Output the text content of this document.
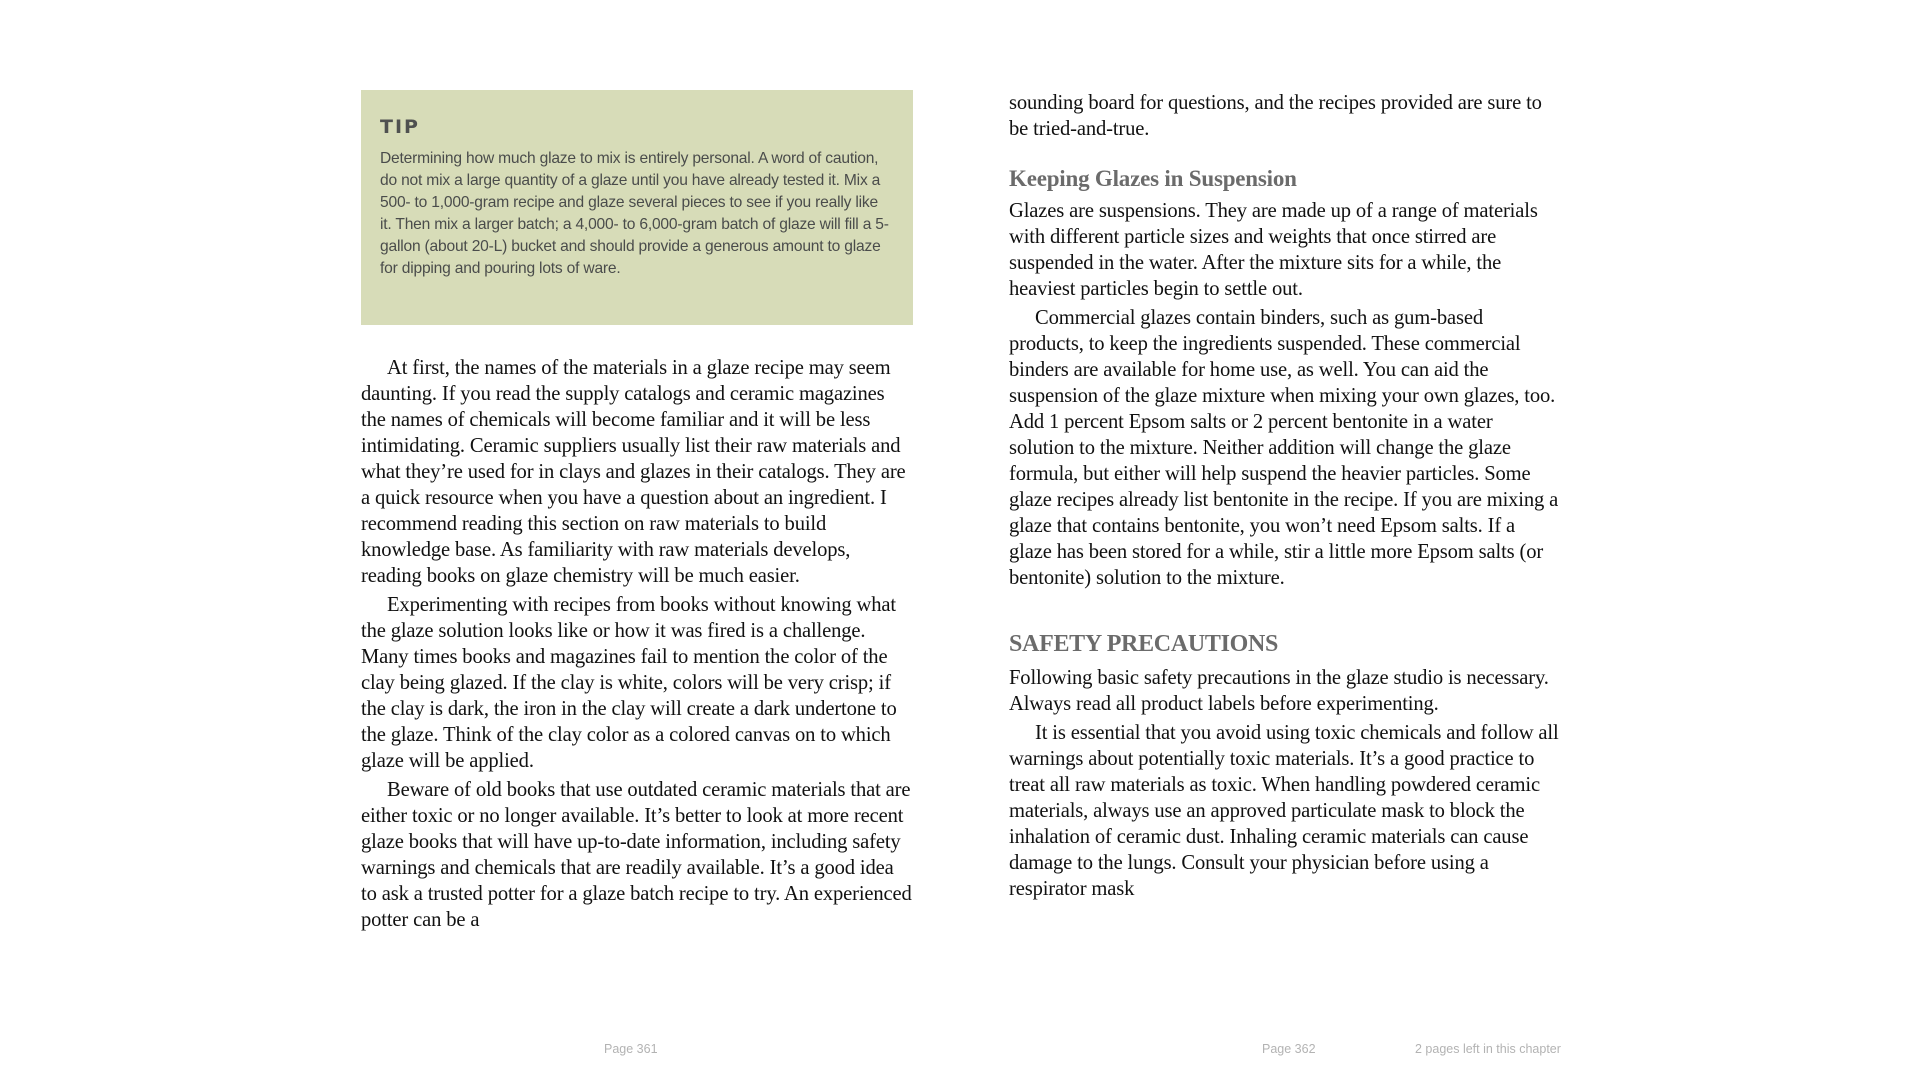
TIP

Determining how much glaze to mix is entirely personal. A word of caution, do not mix a large quantity of a glaze until you have already tested it. Mix a 500- to 1,000-gram recipe and glaze several pieces to see if you really like it. Then mix a larger batch; a 4,000- to 6,000-gram batch of glaze will fill a 5-gallon (about 20-L) bucket and should provide a generous amount to glaze for dipping and pouring lots of ware.

At first, the names of the materials in a glaze recipe may seem daunting. If you read the supply catalogs and ceramic magazines the names of chemicals will become familiar and it will be less intimidating. Ceramic suppliers usually list their raw materials and what they’re used for in clays and glazes in their catalogs. They are a quick resource when you have a question about an ingredient. I recommend reading this section on raw materials to build knowledge base. As familiarity with raw materials develops, reading books on glaze chemistry will be much easier.

Experimenting with recipes from books without knowing what the glaze solution looks like or how it was fired is a challenge. Many times books and magazines fail to mention the color of the clay being glazed. If the clay is white, colors will be very crisp; if the clay is dark, the iron in the clay will create a dark undertone to the glaze. Think of the clay color as a colored canvas on to which glaze will be applied.

Beware of old books that use outdated ceramic materials that are either toxic or no longer available. It’s better to look at more recent glaze books that will have up-to-date information, including safety warnings and chemicals that are readily available. It’s a good idea to ask a trusted potter for a glaze batch recipe to try. An experienced potter can be a

sounding board for questions, and the recipes provided are sure to be tried-and-true.

Keeping Glazes in Suspension

Glazes are suspensions. They are made up of a range of materials with different particle sizes and weights that once stirred are suspended in the water. After the mixture sits for a while, the heaviest particles begin to settle out.

Commercial glazes contain binders, such as gum-based products, to keep the ingredients suspended. These commercial binders are available for home use, as well. You can aid the suspension of the glaze mixture when mixing your own glazes, too. Add 1 percent Epsom salts or 2 percent bentonite in a water solution to the mixture. Neither addition will change the glaze formula, but either will help suspend the heavier particles. Some glaze recipes already list bentonite in the recipe. If you are mixing a glaze that contains bentonite, you won’t need Epsom salts. If a glaze has been stored for a while, stir a little more Epsom salts (or bentonite) solution to the mixture.

SAFETY PRECAUTIONS

Following basic safety precautions in the glaze studio is necessary. Always read all product labels before experimenting.

It is essential that you avoid using toxic chemicals and follow all warnings about potentially toxic materials. It’s a good practice to treat all raw materials as toxic. When handling powdered ceramic materials, always use an approved particulate mask to block the inhalation of ceramic dust. Inhaling ceramic materials can cause damage to the lungs. Consult your physician before using a respirator mask

Page 361	Page 362	2 pages left in this chapter
